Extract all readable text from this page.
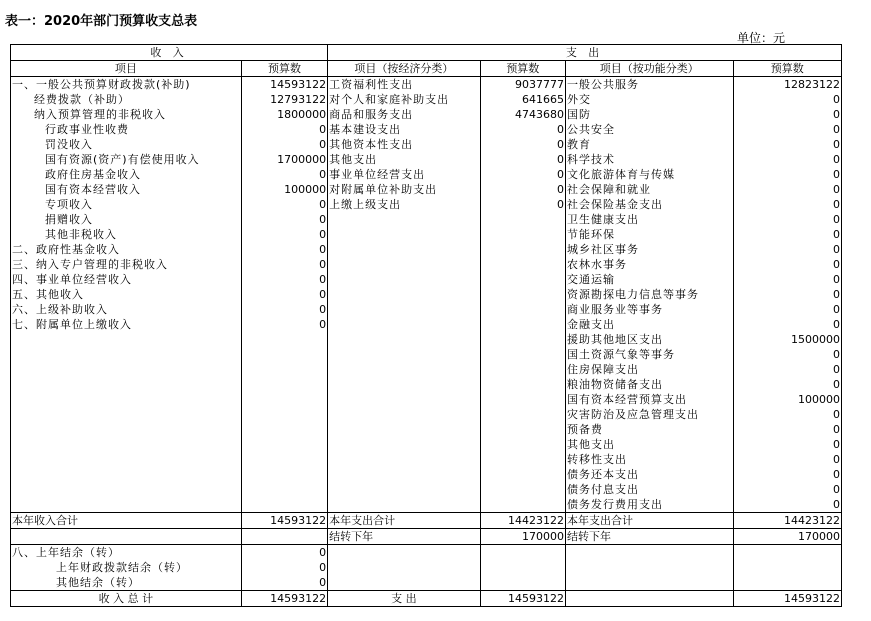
表一：2020年部门预算收支总表
单位：元
收 入		支 出			
项目	预算数	项目（按经济分类）	预算数	项目（按功能分类）	预算数
一、一般公共预算财政拨款(补助)	14593122	工资福利性支出	9037777	一般公共服务	12823122
经费拨款（补助）	12793122	对个人和家庭补助支出	641665	外交	0
纳入预算管理的非税收入	1800000	商品和服务支出	4743680	国防	0
行政事业性收费	0	基本建设支出	0	公共安全	0
罚没收入	0	其他资本性支出	0	教育	0
国有资源(资产)有偿使用收入	1700000	其他支出	0	科学技术	0
政府住房基金收入	0	事业单位经营支出	0	文化旅游体育与传媒	0
国有资本经营收入	100000	对附属单位补助支出	0	社会保障和就业	0
专项收入	0	上缴上级支出	0	社会保险基金支出	0
捐赠收入	0			卫生健康支出	0
其他非税收入	0			节能环保	0
二、政府性基金收入	0			城乡社区事务	0
三、纳入专户管理的非税收入	0			农林水事务	0
四、事业单位经营收入	0			交通运输	0
五、其他收入	0			资源勘探电力信息等事务	0
六、上级补助收入	0			商业服务业等事务	0
七、附属单位上缴收入	0			金融支出	0
				援助其他地区支出	1500000
				国土资源气象等事务	0
				住房保障支出	0
				粮油物资储备支出	0
				国有资本经营预算支出	100000
				灾害防治及应急管理支出	0
				预备费	0
				其他支出	0
				转移性支出	0
				债务还本支出	0
				债务付息支出	0
				债务发行费用支出	0
本年收入合计	14593122	本年支出合计	14423122	本年支出合计	14423122
		结转下年	170000	结转下年	170000
八、上年结余（转）	0				
上年财政拨款结余（转）	0				
其他结余（转）	0				
收 入 总 计	14593122	支 出	14593122		14593122
